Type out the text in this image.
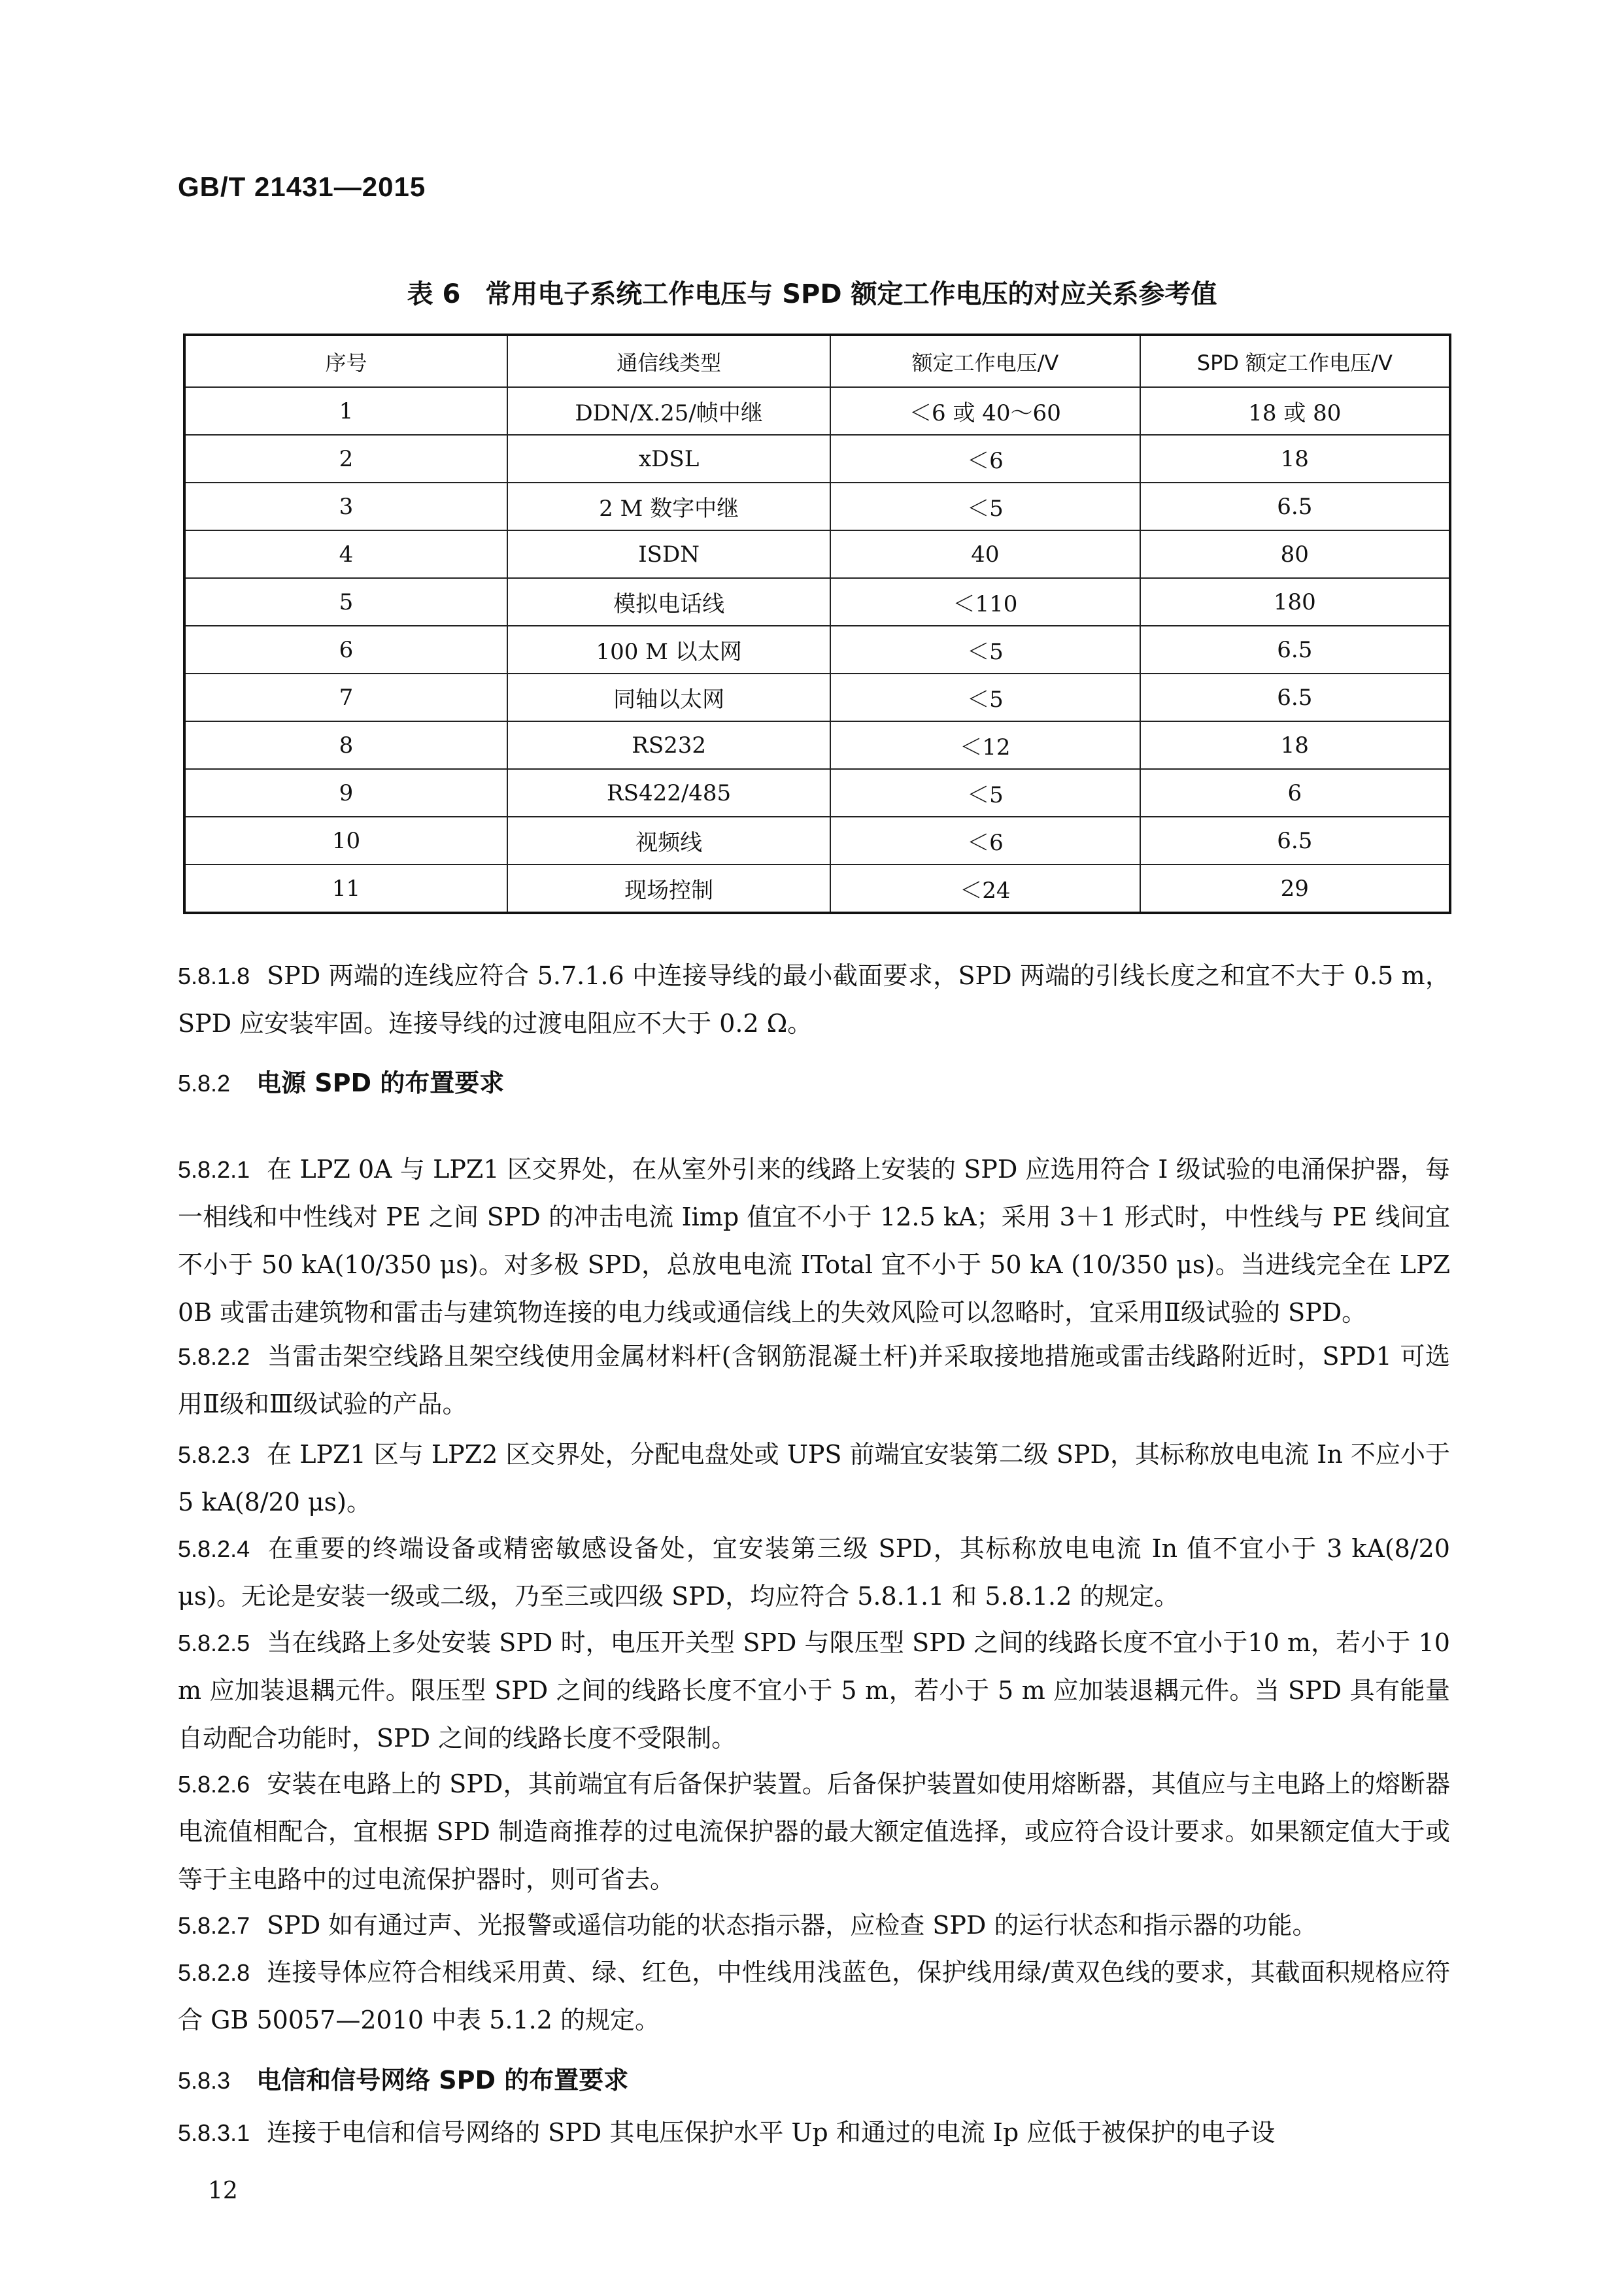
GB/T 21431—2015
表 6 常用电子系统工作电压与 SPD 额定工作电压的对应关系参考值
序号	通信线类型	额定工作电压/V	SPD 额定工作电压/V
1	DDN/X.25/帧中继	＜6 或 40～60	18 或 80
2	xDSL	＜6	18
3	2 M 数字中继	＜5	6.5
4	ISDN	40	80
5	模拟电话线	＜110	180
6	100 M 以太网	＜5	6.5
7	同轴以太网	＜5	6.5
8	RS232	＜12	18
9	RS422/485	＜5	6
10	视频线	＜6	6.5
11	现场控制	＜24	29
5.8.1.8 SPD 两端的连线应符合 5.7.1.6 中连接导线的最小截面要求，SPD 两端的引线长度之和宜不大于 0.5 m，SPD 应安装牢固。连接导线的过渡电阻应不大于 0.2 Ω。
5.8.2 电源 SPD 的布置要求
5.8.2.1 在 LPZ 0A 与 LPZ1 区交界处，在从室外引来的线路上安装的 SPD 应选用符合 Ⅰ 级试验的电涌保护器，每一相线和中性线对 PE 之间 SPD 的冲击电流 Iimp 值宜不小于 12.5 kA；采用 3＋1 形式时，中性线与 PE 线间宜不小于 50 kA(10/350 μs)。对多极 SPD，总放电电流 ITotal 宜不小于 50 kA (10/350 μs)。当进线完全在 LPZ 0B 或雷击建筑物和雷击与建筑物连接的电力线或通信线上的失效风险可以忽略时，宜采用Ⅱ级试验的 SPD。
5.8.2.2 当雷击架空线路且架空线使用金属材料杆(含钢筋混凝土杆)并采取接地措施或雷击线路附近时，SPD1 可选用Ⅱ级和Ⅲ级试验的产品。
5.8.2.3 在 LPZ1 区与 LPZ2 区交界处，分配电盘处或 UPS 前端宜安装第二级 SPD，其标称放电电流 In 不应小于 5 kA(8/20 μs)。
5.8.2.4 在重要的终端设备或精密敏感设备处，宜安装第三级 SPD，其标称放电电流 In 值不宜小于 3 kA(8/20 μs)。无论是安装一级或二级，乃至三或四级 SPD，均应符合 5.8.1.1 和 5.8.1.2 的规定。
5.8.2.5 当在线路上多处安装 SPD 时，电压开关型 SPD 与限压型 SPD 之间的线路长度不宜小于10 m，若小于 10 m 应加装退耦元件。限压型 SPD 之间的线路长度不宜小于 5 m，若小于 5 m 应加装退耦元件。当 SPD 具有能量自动配合功能时，SPD 之间的线路长度不受限制。
5.8.2.6 安装在电路上的 SPD，其前端宜有后备保护装置。后备保护装置如使用熔断器，其值应与主电路上的熔断器电流值相配合，宜根据 SPD 制造商推荐的过电流保护器的最大额定值选择，或应符合设计要求。如果额定值大于或等于主电路中的过电流保护器时，则可省去。
5.8.2.7 SPD 如有通过声、光报警或遥信功能的状态指示器，应检查 SPD 的运行状态和指示器的功能。
5.8.2.8 连接导体应符合相线采用黄、绿、红色，中性线用浅蓝色，保护线用绿/黄双色线的要求，其截面积规格应符合 GB 50057—2010 中表 5.1.2 的规定。
5.8.3 电信和信号网络 SPD 的布置要求
5.8.3.1 连接于电信和信号网络的 SPD 其电压保护水平 Up 和通过的电流 Ip 应低于被保护的电子设
12
